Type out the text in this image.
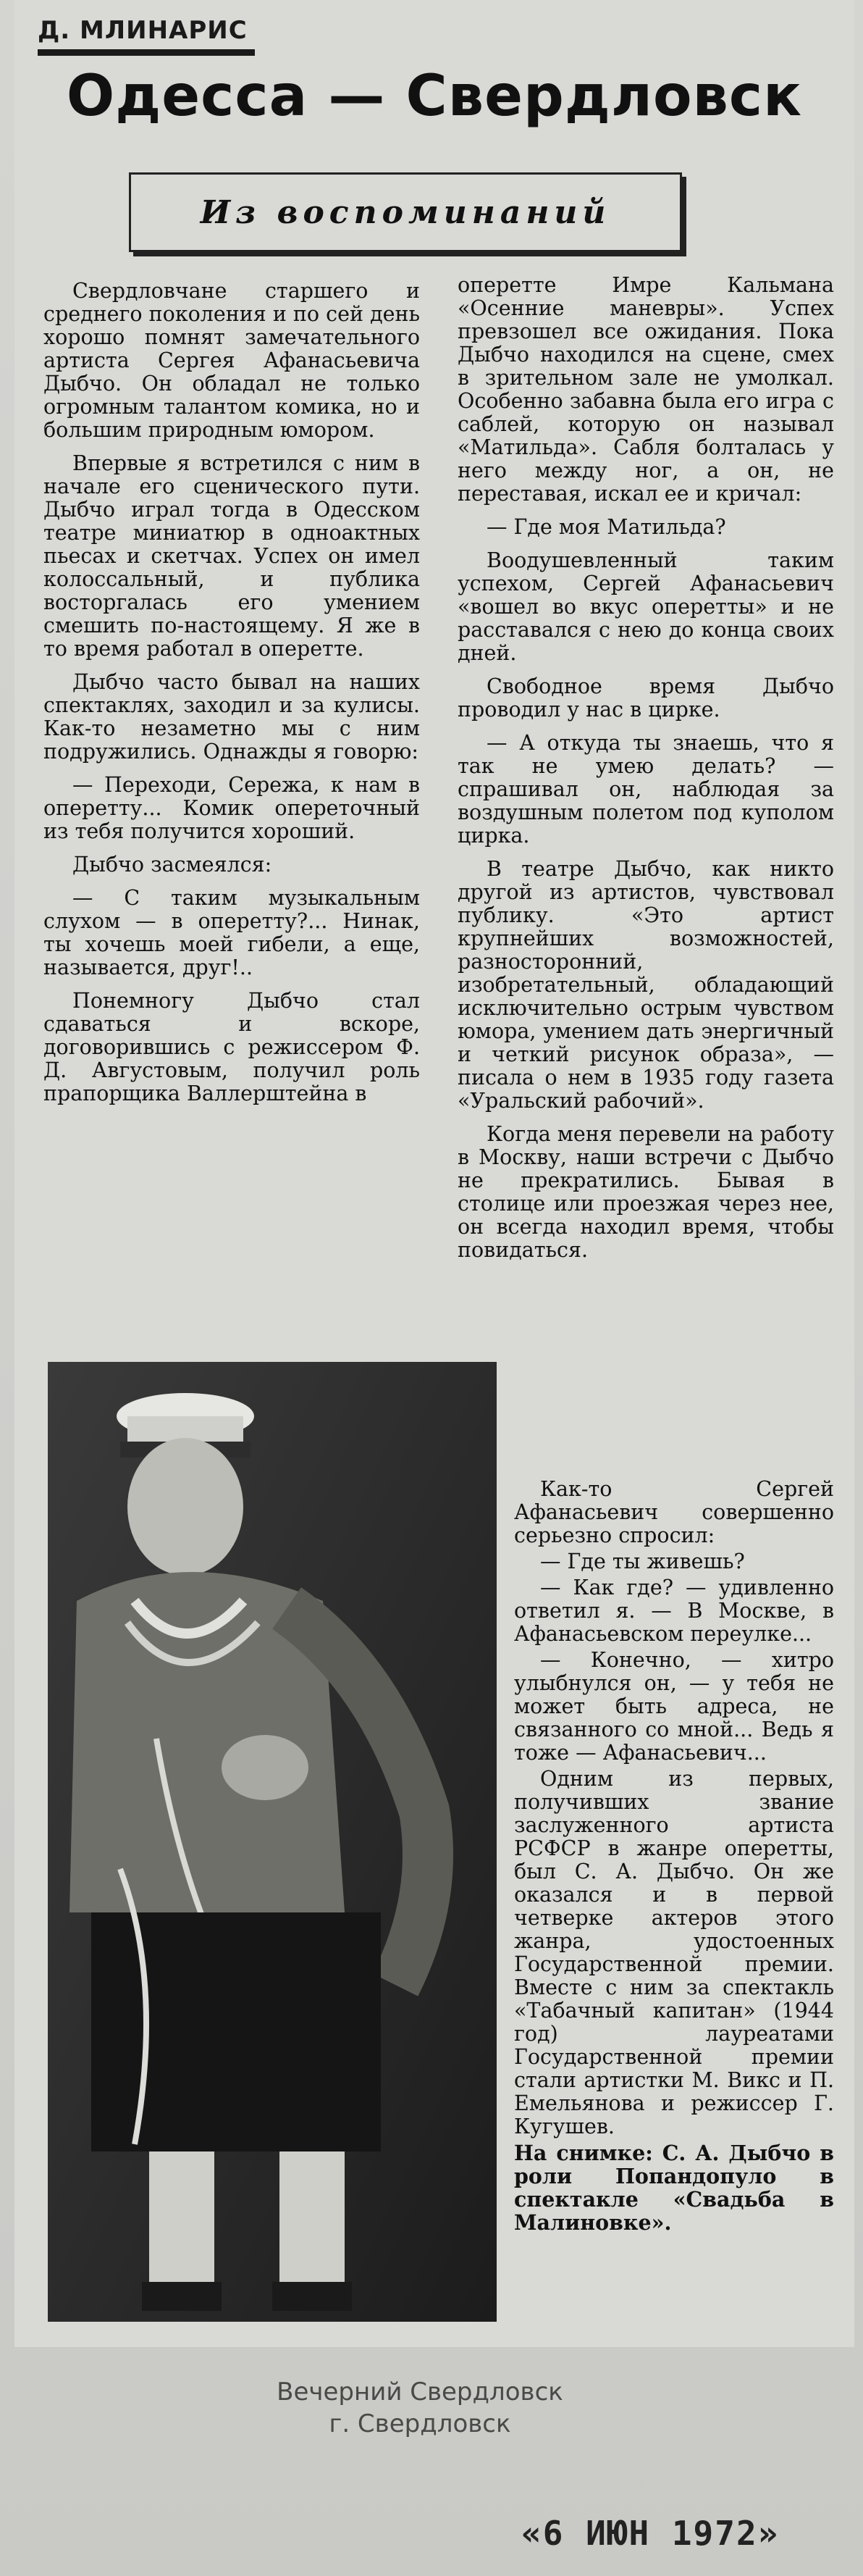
Д. МЛИНАРИС
Одесса — Свердловск
Из воспоминаний

Свердловчане старшего и среднего поколения и по сей день хорошо помнят замечательного артиста Сергея Афанасьевича Дыбчо. Он обладал не только огромным талантом комика, но и большим природным юмором.

Впервые я встретился с ним в начале его сценического пути. Дыбчо играл тогда в Одесском театре миниатюр в одноактных пьесах и скетчах. Успех он имел колоссальный, и публика восторгалась его умением смешить по-настоящему. Я же в то время работал в оперетте.

Дыбчо часто бывал на наших спектаклях, заходил и за кулисы. Как-то незаметно мы с ним подружились. Однажды я говорю:

— Переходи, Сережа, к нам в оперетту... Комик опереточный из тебя получится хороший.

Дыбчо засмеялся:

— С таким музыкальным слухом — в оперетту?... Нинак, ты хочешь моей гибели, а еще, называется, друг!..

Понемногу Дыбчо стал сдаваться и вскоре, договорившись с режиссером Ф. Д. Августовым, получил роль прапорщика Валлерштейна в

оперетте Имре Кальмана «Осенние маневры». Успех превзошел все ожидания. Пока Дыбчо находился на сцене, смех в зрительном зале не умолкал. Особенно забавна была его игра с саблей, которую он называл «Матильда». Сабля болталась у него между ног, а он, не переставая, искал ее и кричал:

— Где моя Матильда?

Воодушевленный таким успехом, Сергей Афанасьевич «вошел во вкус оперетты» и не расставался с нею до конца своих дней.

Свободное время Дыбчо проводил у нас в цирке.

— А откуда ты знаешь, что я так не умею делать? — спрашивал он, наблюдая за воздушным полетом под куполом цирка.

В театре Дыбчо, как никто другой из артистов, чувствовал публику. «Это артист крупнейших возможностей, разносторонний, изобретательный, обладающий исключительно острым чувством юмора, умением дать энергичный и четкий рисунок образа», — писала о нем в 1935 году газета «Уральский рабочий».

Когда меня перевели на работу в Москву, наши встречи с Дыбчо не прекратились. Бывая в столице или проезжая через нее, он всегда находил время, чтобы повидаться.

Как-то Сергей Афанасьевич совершенно серьезно спросил:

— Где ты живешь?

— Как где? — удивленно ответил я. — В Москве, в Афанасьевском переулке...

— Конечно, — хитро улыбнулся он, — у тебя не может быть адреса, не связанного со мной... Ведь я тоже — Афанасьевич...

Одним из первых, получивших звание заслуженного артиста РСФСР в жанре оперетты, был С. А. Дыбчо. Он же оказался и в первой четверке актеров этого жанра, удостоенных Государственной премии. Вместе с ним за спектакль «Табачный капитан» (1944 год) лауреатами Государственной премии стали артистки М. Викс и П. Емельянова и режиссер Г. Кугушев.

На снимке: С. А. Дыбчо в роли Попандопуло в спектакле «Свадьба в Малиновке».

Вечерний Свердловск
г. Свердловск
«6 ИЮН 1972»
